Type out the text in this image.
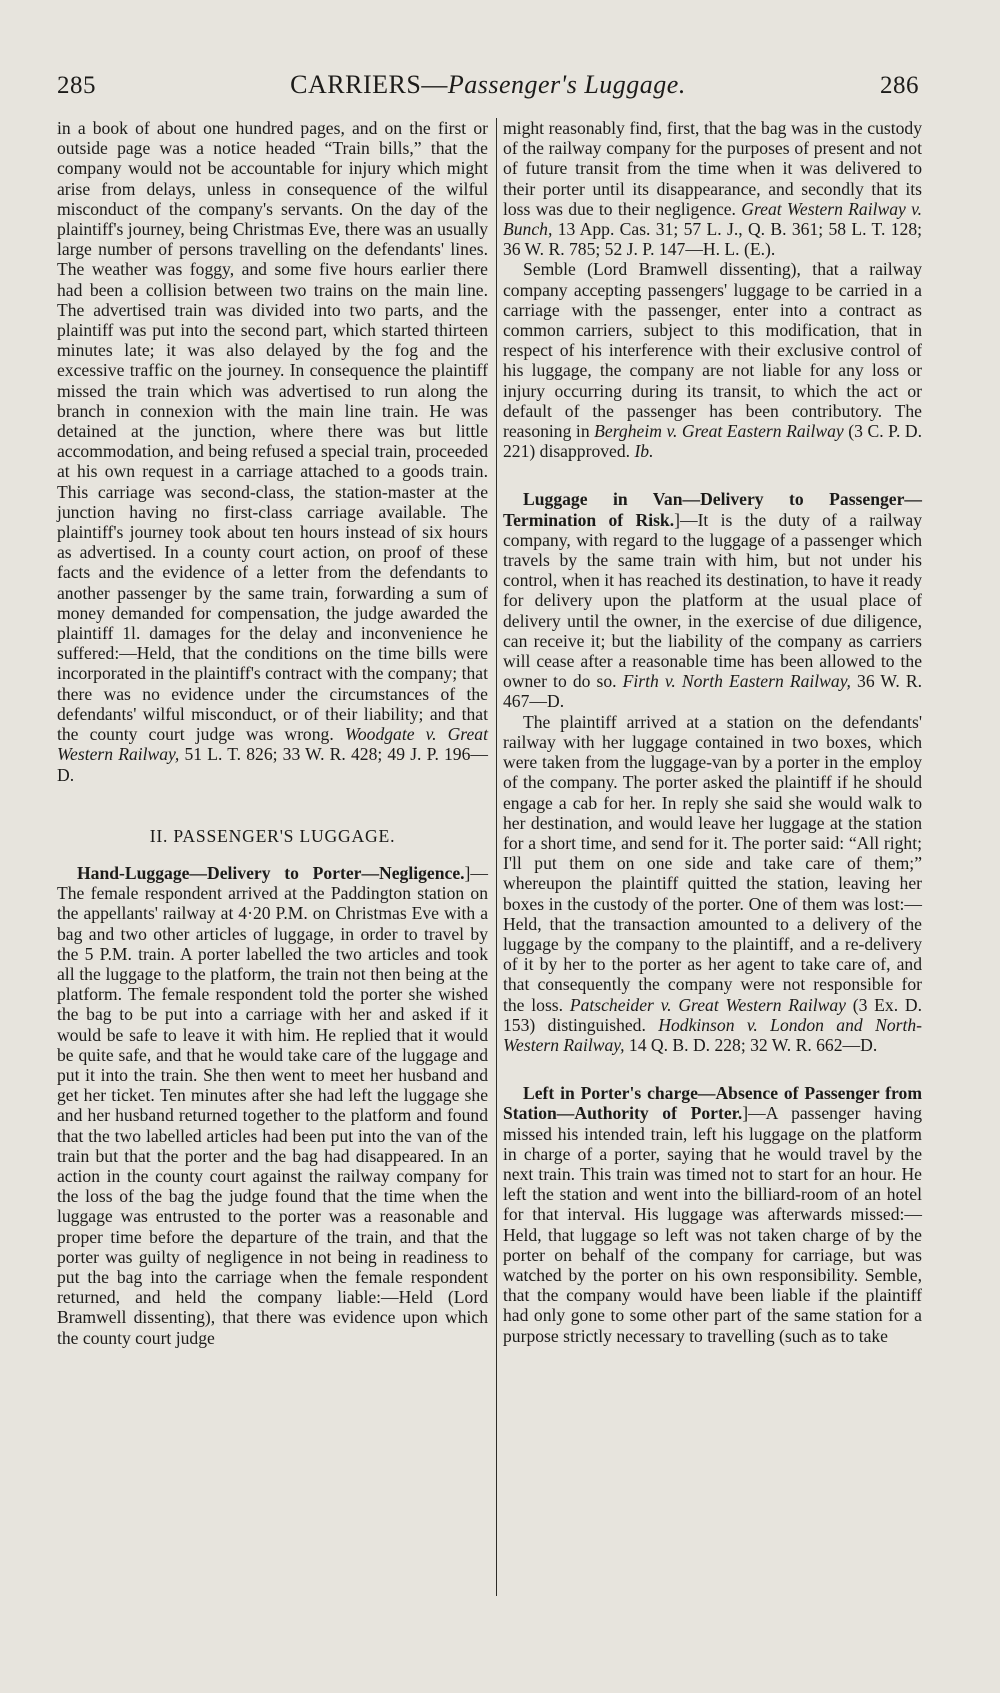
285	CARRIERS—Passenger's Luggage.	286

in a book of about one hundred pages, and on the first or outside page was a notice headed “Train bills,” that the company would not be accountable for injury which might arise from delays, unless in consequence of the wilful misconduct of the company's servants. On the day of the plaintiff's journey, being Christmas Eve, there was an usually large number of persons travelling on the defendants' lines. The weather was foggy, and some five hours earlier there had been a collision between two trains on the main line. The advertised train was divided into two parts, and the plaintiff was put into the second part, which started thirteen minutes late; it was also delayed by the fog and the excessive traffic on the journey. In consequence the plaintiff missed the train which was advertised to run along the branch in connexion with the main line train. He was detained at the junction, where there was but little accommodation, and being refused a special train, proceeded at his own request in a carriage attached to a goods train. This carriage was second-class, the station-master at the junction having no first-class carriage available. The plaintiff's journey took about ten hours instead of six hours as advertised. In a county court action, on proof of these facts and the evidence of a letter from the defendants to another passenger by the same train, forwarding a sum of money demanded for compensation, the judge awarded the plaintiff 1l. damages for the delay and inconvenience he suffered:—Held, that the conditions on the time bills were incorporated in the plaintiff's contract with the company; that there was no evidence under the circumstances of the defendants' wilful misconduct, or of their liability; and that the county court judge was wrong. Woodgate v. Great Western Railway, 51 L. T. 826; 33 W. R. 428; 49 J. P. 196—D.

II. PASSENGER'S LUGGAGE.

Hand-Luggage—Delivery to Porter—Negligence.]—The female respondent arrived at the Paddington station on the appellants' railway at 4·20 P.M. on Christmas Eve with a bag and two other articles of luggage, in order to travel by the 5 P.M. train. A porter labelled the two articles and took all the luggage to the platform, the train not then being at the platform. The female respondent told the porter she wished the bag to be put into a carriage with her and asked if it would be safe to leave it with him. He replied that it would be quite safe, and that he would take care of the luggage and put it into the train. She then went to meet her husband and get her ticket. Ten minutes after she had left the luggage she and her husband returned together to the platform and found that the two labelled articles had been put into the van of the train but that the porter and the bag had disappeared. In an action in the county court against the railway company for the loss of the bag the judge found that the time when the luggage was entrusted to the porter was a reasonable and proper time before the departure of the train, and that the porter was guilty of negligence in not being in readiness to put the bag into the carriage when the female respondent returned, and held the company liable:—Held (Lord Bramwell dissenting), that there was evidence upon which the county court judge

might reasonably find, first, that the bag was in the custody of the railway company for the purposes of present and not of future transit from the time when it was delivered to their porter until its disappearance, and secondly that its loss was due to their negligence. Great Western Railway v. Bunch, 13 App. Cas. 31; 57 L. J., Q. B. 361; 58 L. T. 128; 36 W. R. 785; 52 J. P. 147—H. L. (E.).

Semble (Lord Bramwell dissenting), that a railway company accepting passengers' luggage to be carried in a carriage with the passenger, enter into a contract as common carriers, subject to this modification, that in respect of his interference with their exclusive control of his luggage, the company are not liable for any loss or injury occurring during its transit, to which the act or default of the passenger has been contributory. The reasoning in Bergheim v. Great Eastern Railway (3 C. P. D. 221) disapproved. Ib.

Luggage in Van—Delivery to Passenger—Termination of Risk.]—It is the duty of a railway company, with regard to the luggage of a passenger which travels by the same train with him, but not under his control, when it has reached its destination, to have it ready for delivery upon the platform at the usual place of delivery until the owner, in the exercise of due diligence, can receive it; but the liability of the company as carriers will cease after a reasonable time has been allowed to the owner to do so. Firth v. North Eastern Railway, 36 W. R. 467—D.

The plaintiff arrived at a station on the defendants' railway with her luggage contained in two boxes, which were taken from the luggage-van by a porter in the employ of the company. The porter asked the plaintiff if he should engage a cab for her. In reply she said she would walk to her destination, and would leave her luggage at the station for a short time, and send for it. The porter said: “All right; I'll put them on one side and take care of them;” whereupon the plaintiff quitted the station, leaving her boxes in the custody of the porter. One of them was lost:—Held, that the transaction amounted to a delivery of the luggage by the company to the plaintiff, and a re-delivery of it by her to the porter as her agent to take care of, and that consequently the company were not responsible for the loss. Patscheider v. Great Western Railway (3 Ex. D. 153) distinguished. Hodkinson v. London and North-Western Railway, 14 Q. B. D. 228; 32 W. R. 662—D.

Left in Porter's charge—Absence of Passenger from Station—Authority of Porter.]—A passenger having missed his intended train, left his luggage on the platform in charge of a porter, saying that he would travel by the next train. This train was timed not to start for an hour. He left the station and went into the billiard-room of an hotel for that interval. His luggage was afterwards missed:—Held, that luggage so left was not taken charge of by the porter on behalf of the company for carriage, but was watched by the porter on his own responsibility. Semble, that the company would have been liable if the plaintiff had only gone to some other part of the same station for a purpose strictly necessary to travelling (such as to take
